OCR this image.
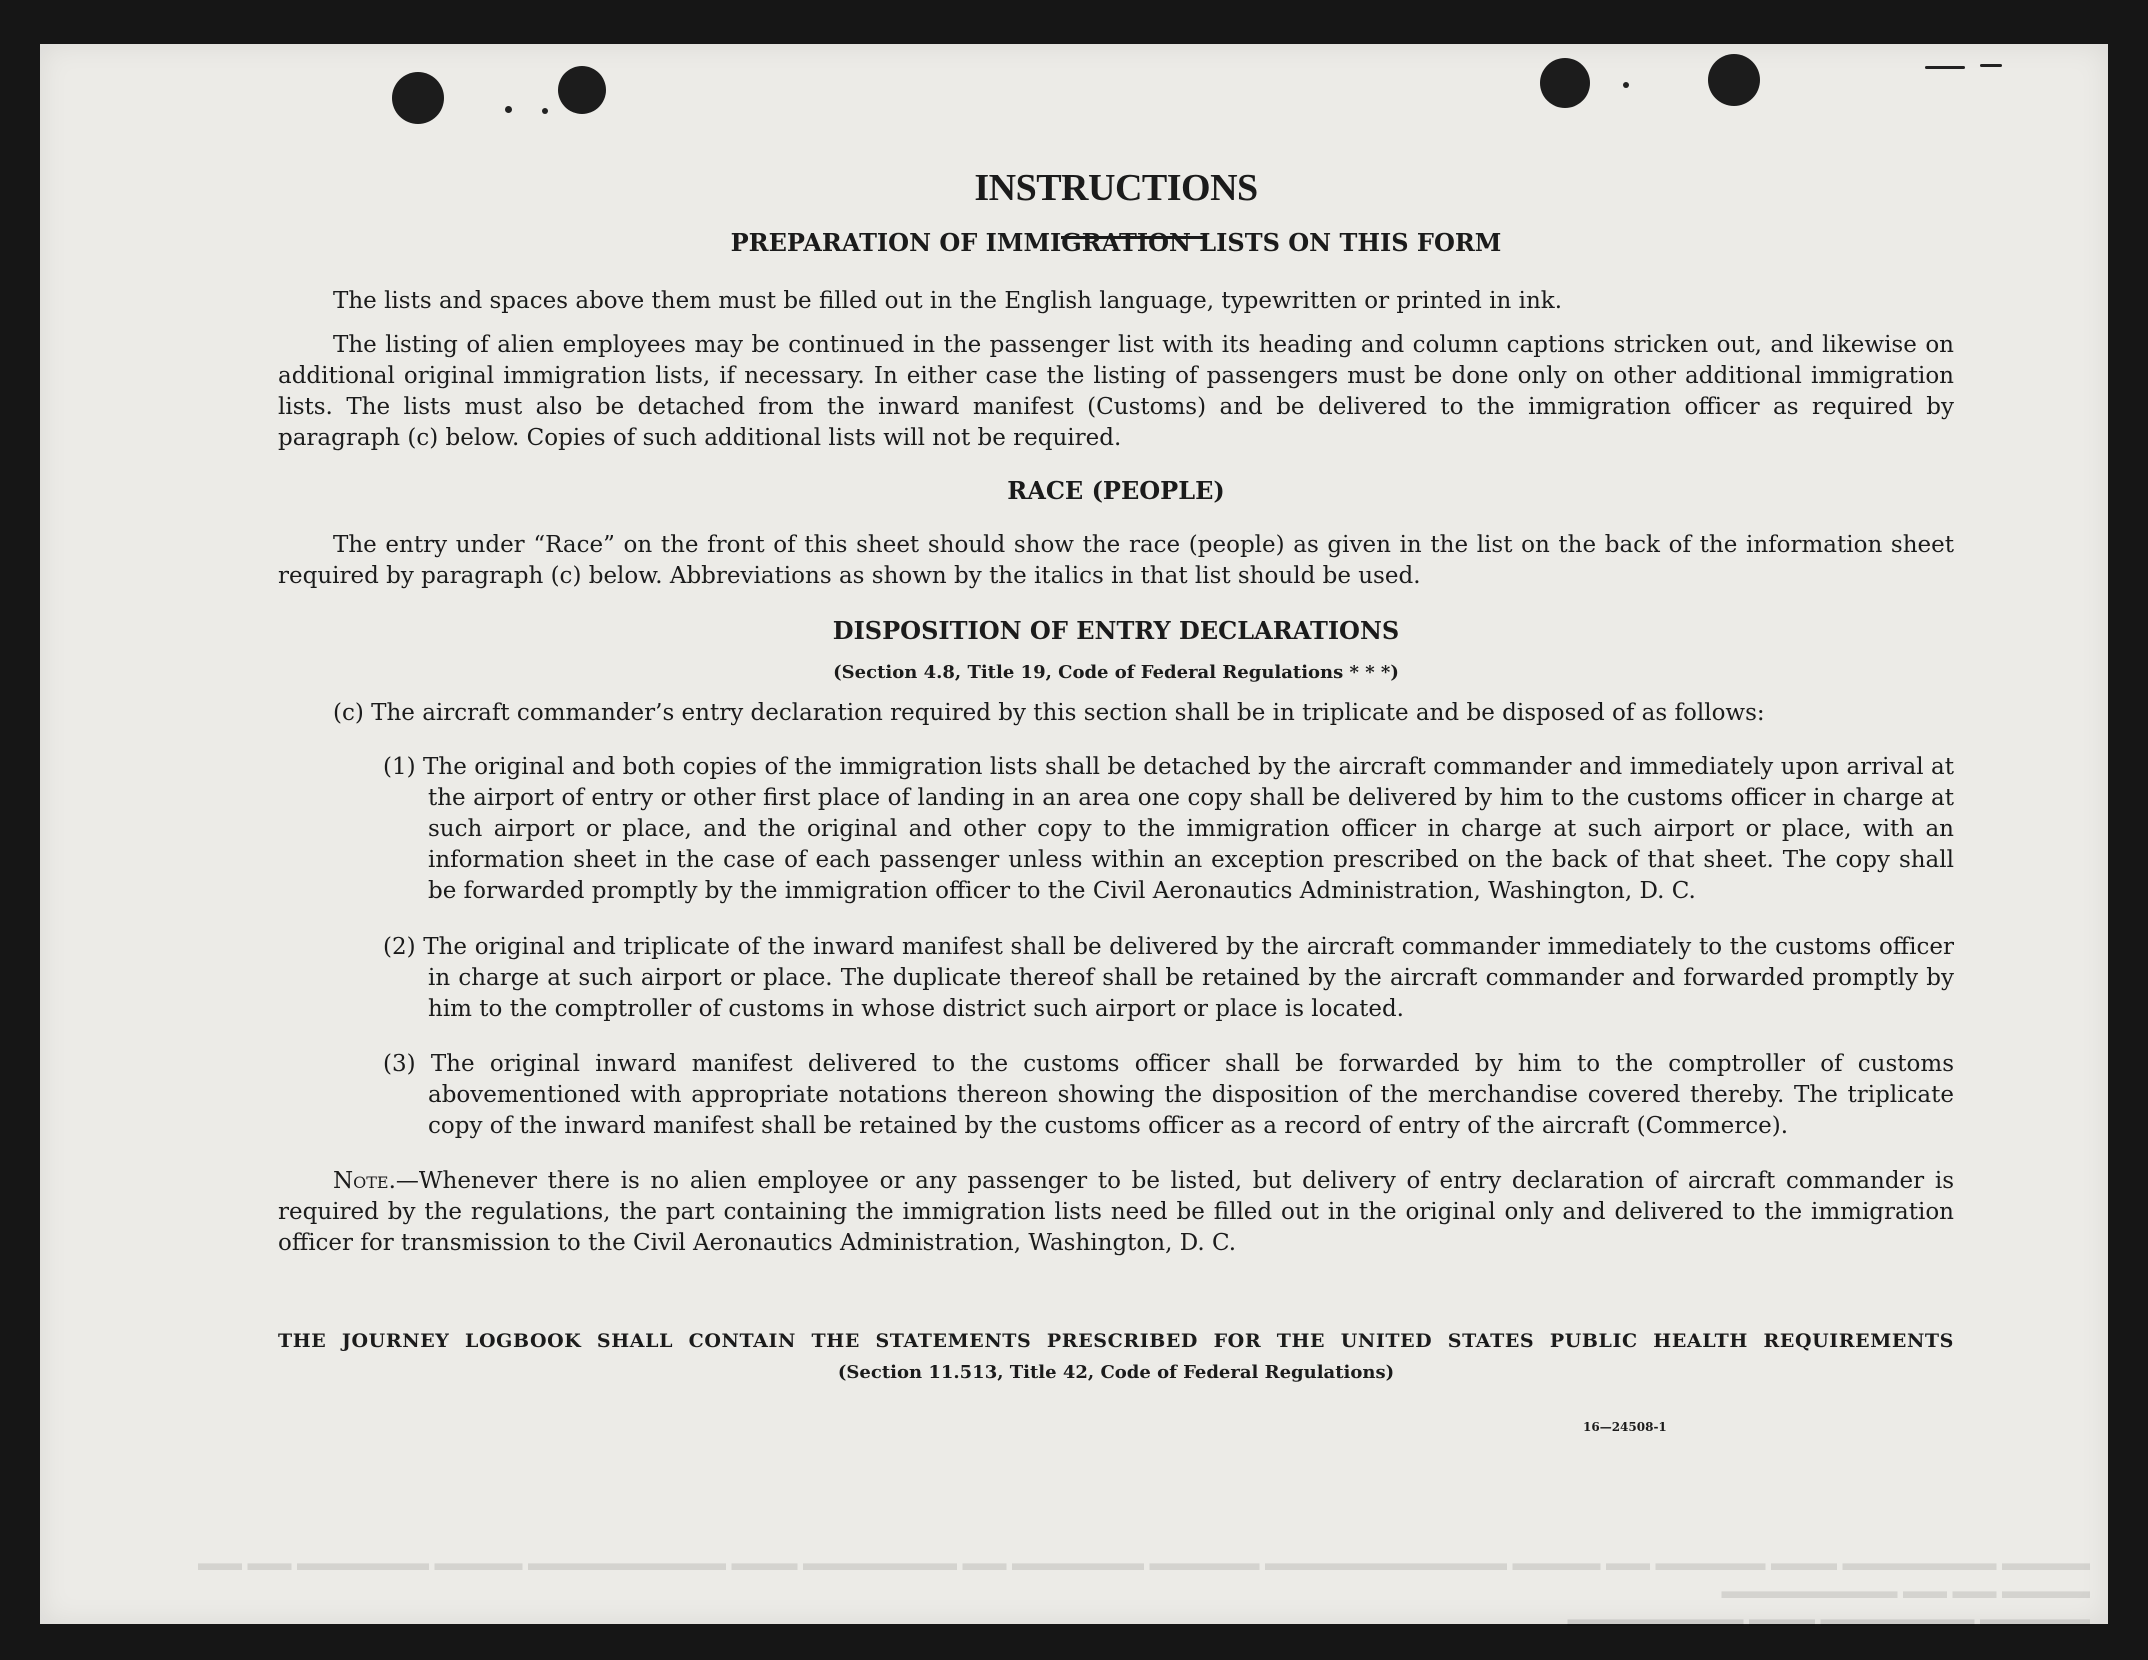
▬▬▬▬ ▬▬▬▬▬▬▬ ▬▬▬ ▬▬▬▬▬ ▬▬ ▬▬▬▬ ▬▬▬▬▬▬▬▬▬▬▬ ▬▬▬▬▬ ▬▬▬▬▬▬ ▬▬ ▬▬▬▬▬▬▬ ▬▬▬ ▬▬▬▬▬▬▬▬▬ ▬▬▬▬ ▬▬▬▬▬▬ ▬▬ ▬▬ ▬▬▬▬ ▬▬ ▬▬ ▬▬▬▬▬▬▬▬
▬▬▬▬▬ ▬▬▬▬▬▬▬ ▬▬▬ ▬▬▬▬▬▬▬▬
INSTRUCTIONS
PREPARATION OF IMMIGRATION LISTS ON THIS FORM
The lists and spaces above them must be filled out in the English language, typewritten or printed in ink.
The listing of alien employees may be continued in the passenger list with its heading and column captions stricken out, and likewise on additional original immigration lists, if necessary. In either case the listing of passengers must be done only on other additional immigration lists. The lists must also be detached from the inward manifest (Customs) and be delivered to the immigration officer as required by paragraph (c) below. Copies of such additional lists will not be required.
RACE (PEOPLE)
The entry under “Race” on the front of this sheet should show the race (people) as given in the list on the back of the information sheet required by paragraph (c) below. Abbreviations as shown by the italics in that list should be used.
DISPOSITION OF ENTRY DECLARATIONS
(Section 4.8, Title 19, Code of Federal Regulations * * *)
(c) The aircraft commander’s entry declaration required by this section shall be in triplicate and be disposed of as follows:
(1) The original and both copies of the immigration lists shall be detached by the aircraft commander and immediately upon arrival at the airport of entry or other first place of landing in an area one copy shall be delivered by him to the customs officer in charge at such airport or place, and the original and other copy to the immigration officer in charge at such airport or place, with an information sheet in the case of each passenger unless within an exception prescribed on the back of that sheet. The copy shall be forwarded promptly by the immigration officer to the Civil Aeronautics Administration, Washington, D. C.
(2) The original and triplicate of the inward manifest shall be delivered by the aircraft commander immediately to the customs officer in charge at such airport or place. The duplicate thereof shall be retained by the aircraft commander and forwarded promptly by him to the comptroller of customs in whose district such airport or place is located.
(3) The original inward manifest delivered to the customs officer shall be forwarded by him to the comptroller of customs abovementioned with appropriate notations thereon showing the disposition of the merchandise covered thereby. The triplicate copy of the inward manifest shall be retained by the customs officer as a record of entry of the aircraft (Commerce).
Note.—Whenever there is no alien employee or any passenger to be listed, but delivery of entry declaration of aircraft commander is required by the regulations, the part containing the immigration lists need be filled out in the original only and delivered to the immigration officer for transmission to the Civil Aeronautics Administration, Washington, D. C.
THE JOURNEY LOGBOOK SHALL CONTAIN THE STATEMENTS PRESCRIBED FOR THE UNITED STATES PUBLIC HEALTH REQUIREMENTS
(Section 11.513, Title 42, Code of Federal Regulations)
16—24508-1
